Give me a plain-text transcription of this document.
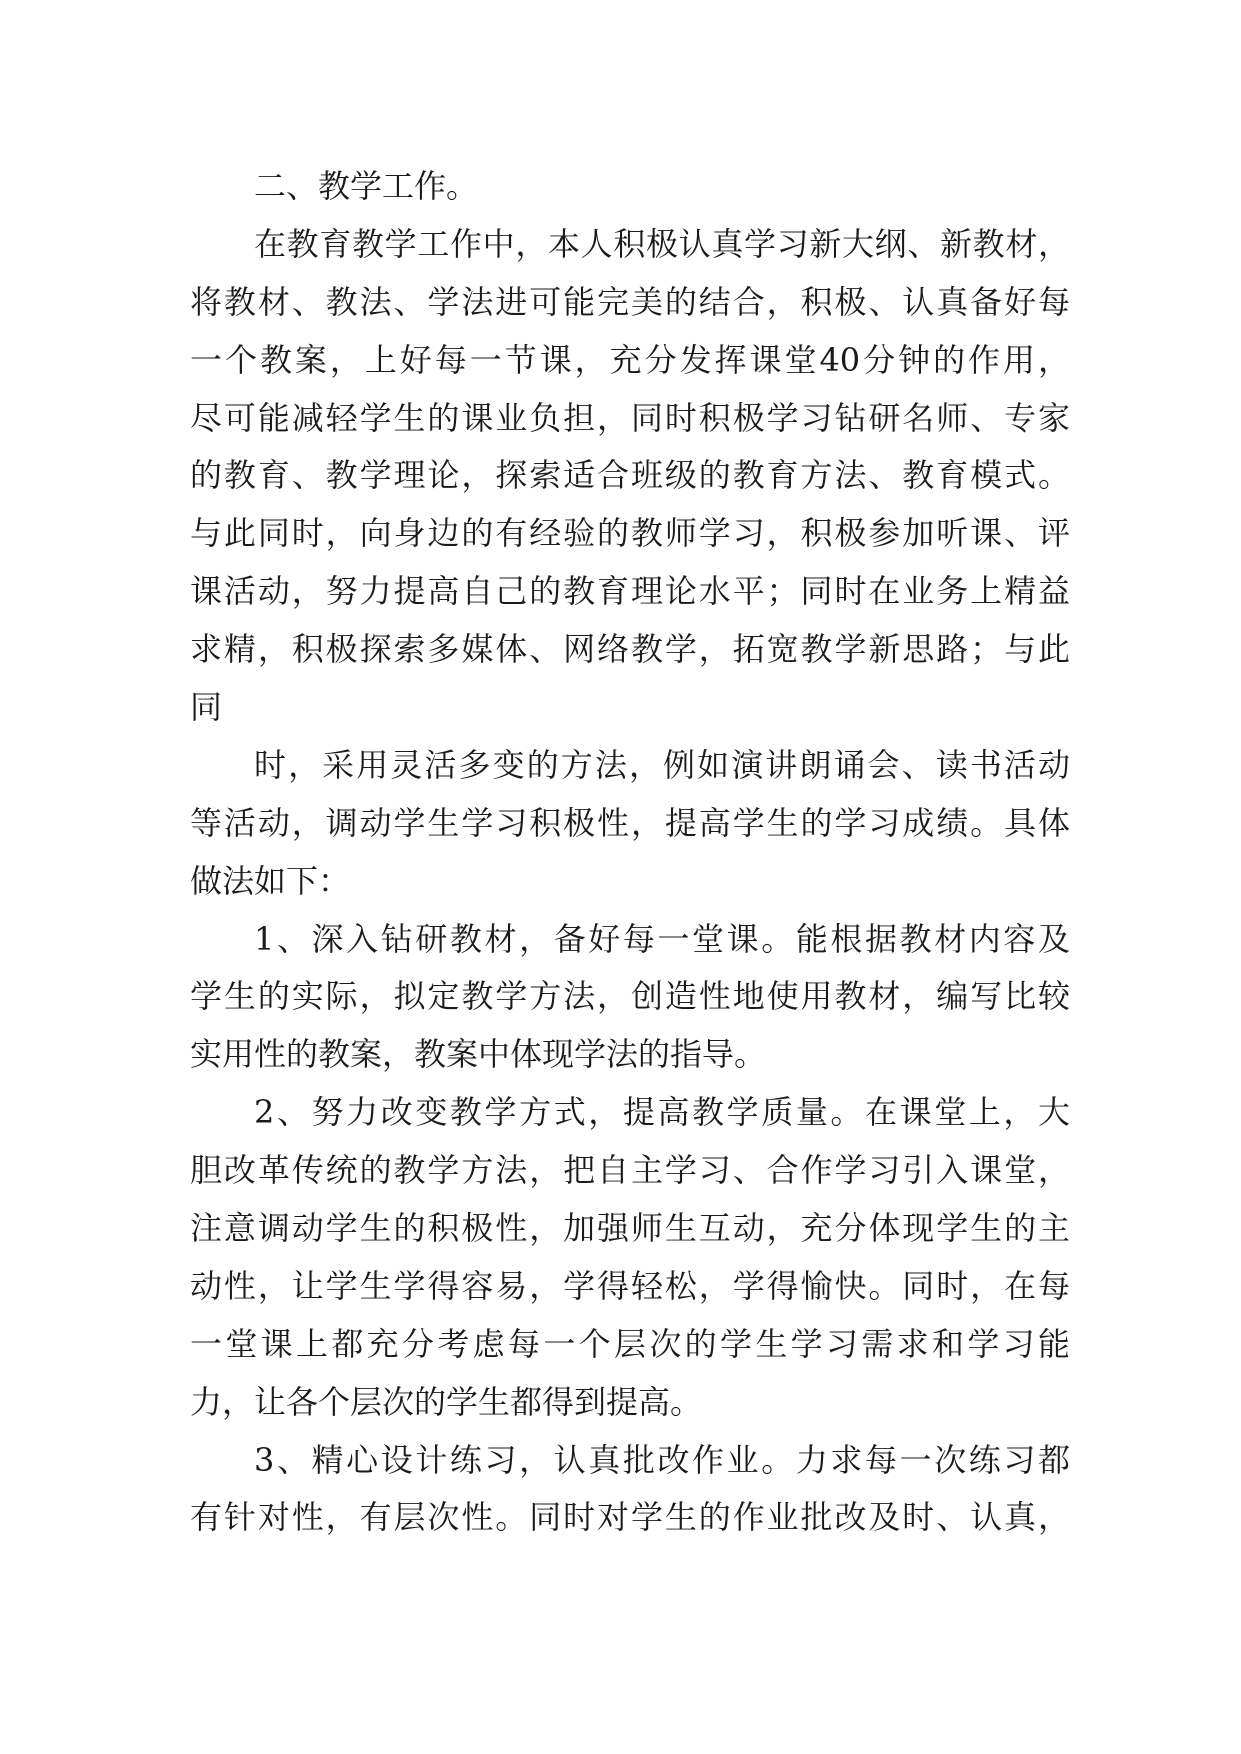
二、教学工作。
在教育教学工作中，本人积极认真学习新大纲、新教材，
将教材、教法、学法进可能完美的结合，积极、认真备好每
一个教案，上好每一节课，充分发挥课堂40分钟的作用，
尽可能减轻学生的课业负担，同时积极学习钻研名师、专家
的教育、教学理论，探索适合班级的教育方法、教育模式。
与此同时，向身边的有经验的教师学习，积极参加听课、评
课活动，努力提高自己的教育理论水平；同时在业务上精益
求精，积极探索多媒体、网络教学，拓宽教学新思路；与此
同
时，采用灵活多变的方法，例如演讲朗诵会、读书活动
等活动，调动学生学习积极性，提高学生的学习成绩。具体
做法如下：
1、深入钻研教材，备好每一堂课。能根据教材内容及
学生的实际，拟定教学方法，创造性地使用教材，编写比较
实用性的教案，教案中体现学法的指导。
2、努力改变教学方式，提高教学质量。在课堂上，大
胆改革传统的教学方法，把自主学习、合作学习引入课堂，
注意调动学生的积极性，加强师生互动，充分体现学生的主
动性，让学生学得容易，学得轻松，学得愉快。同时，在每
一堂课上都充分考虑每一个层次的学生学习需求和学习能
力，让各个层次的学生都得到提高。
3、精心设计练习，认真批改作业。力求每一次练习都
有针对性，有层次性。同时对学生的作业批改及时、认真，
